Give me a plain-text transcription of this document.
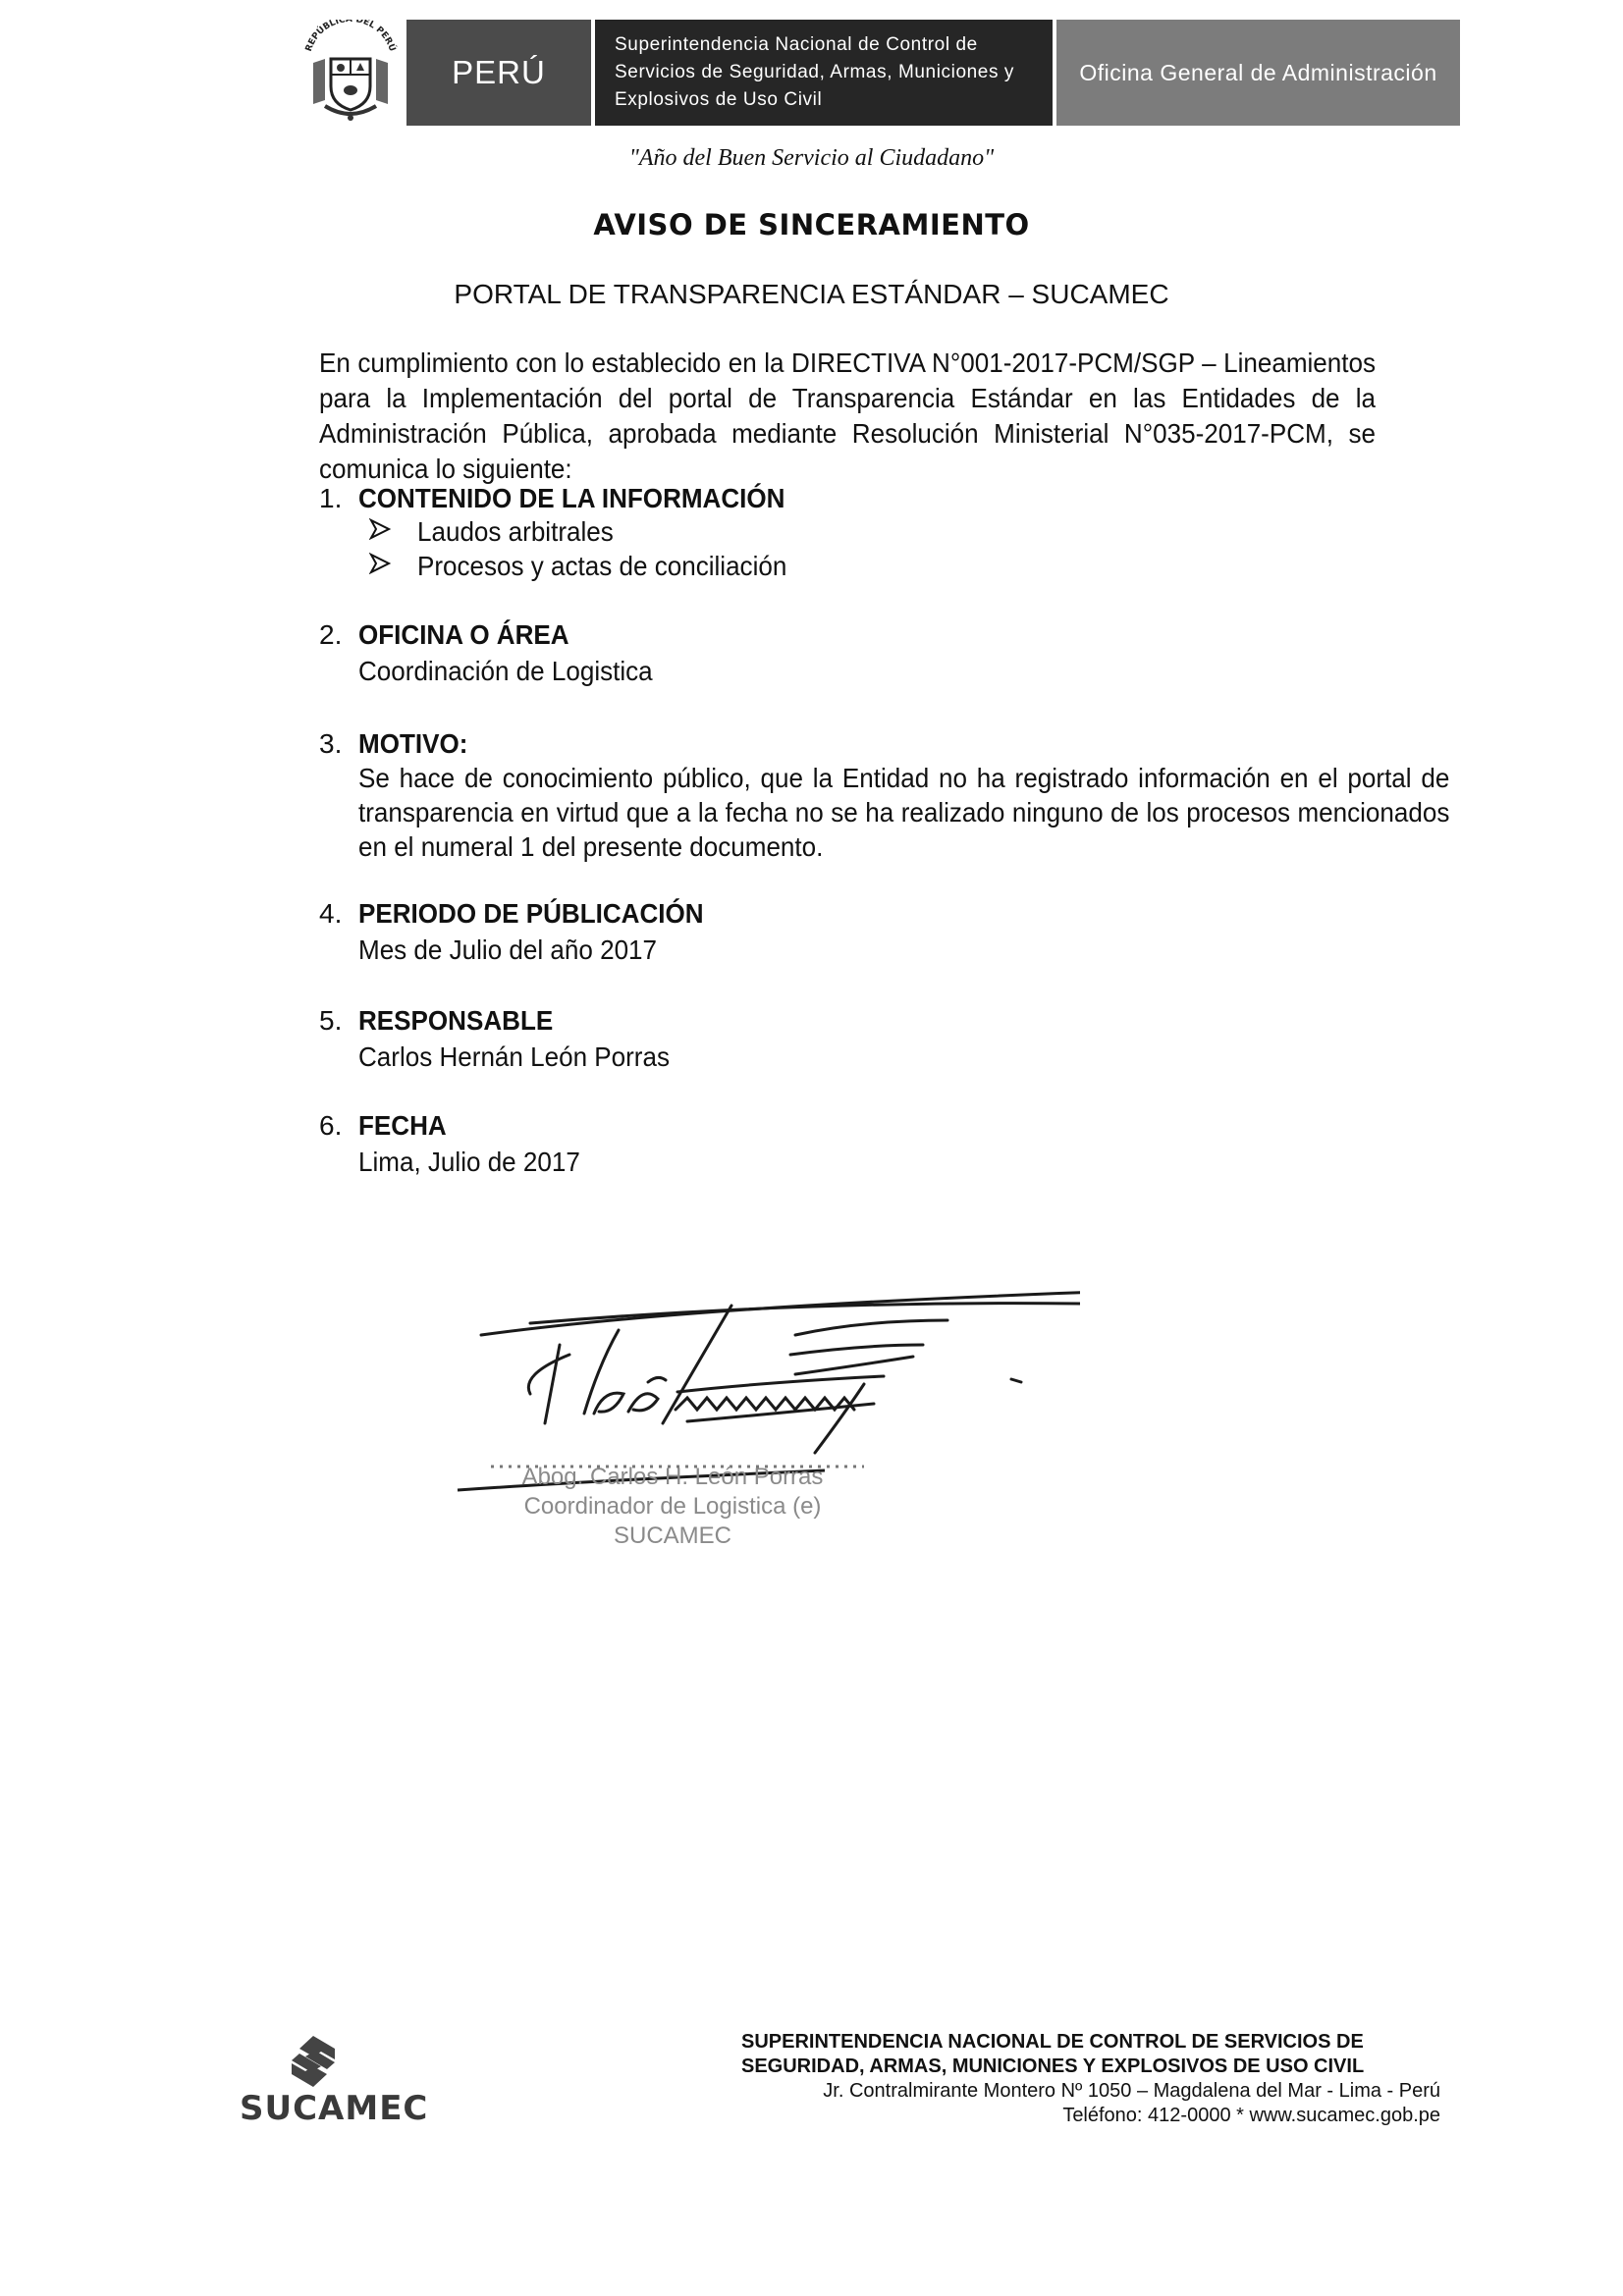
REPÚBLICA DEL PERÚ
PERÚ
Superintendencia Nacional de Control de Servicios de Seguridad, Armas, Municiones y Explosivos de Uso Civil
Oficina General de Administración
"Año del Buen Servicio al Ciudadano"
AVISO DE SINCERAMIENTO
PORTAL DE TRANSPARENCIA ESTÁNDAR – SUCAMEC
En cumplimiento con lo establecido en la DIRECTIVA N°001-2017-PCM/SGP – Lineamientos para la Implementación del portal de Transparencia Estándar en las Entidades de la Administración Pública, aprobada mediante Resolución Ministerial N°035-2017-PCM, se comunica lo siguiente:
1. CONTENIDO DE LA INFORMACIÓN
Laudos arbitrales
Procesos y actas de conciliación
2. OFICINA O ÁREA
Coordinación de Logistica
3. MOTIVO:
Se hace de conocimiento público, que la Entidad no ha registrado información en el portal de transparencia en virtud que a la fecha no se ha realizado ninguno de los procesos mencionados en el numeral 1 del presente documento.
4. PERIODO DE PÚBLICACIÓN
Mes de Julio del año 2017
5. RESPONSABLE
Carlos Hernán León Porras
6. FECHA
Lima, Julio de 2017
Abog. Carlos H. León Porras
Coordinador de Logistica (e)
SUCAMEC
SUCAMEC
SUPERINTENDENCIA NACIONAL DE CONTROL DE SERVICIOS DE
SEGURIDAD, ARMAS, MUNICIONES Y EXPLOSIVOS DE USO CIVIL
Jr. Contralmirante Montero Nº 1050 – Magdalena del Mar - Lima - Perú
Teléfono: 412-0000 * www.sucamec.gob.pe
